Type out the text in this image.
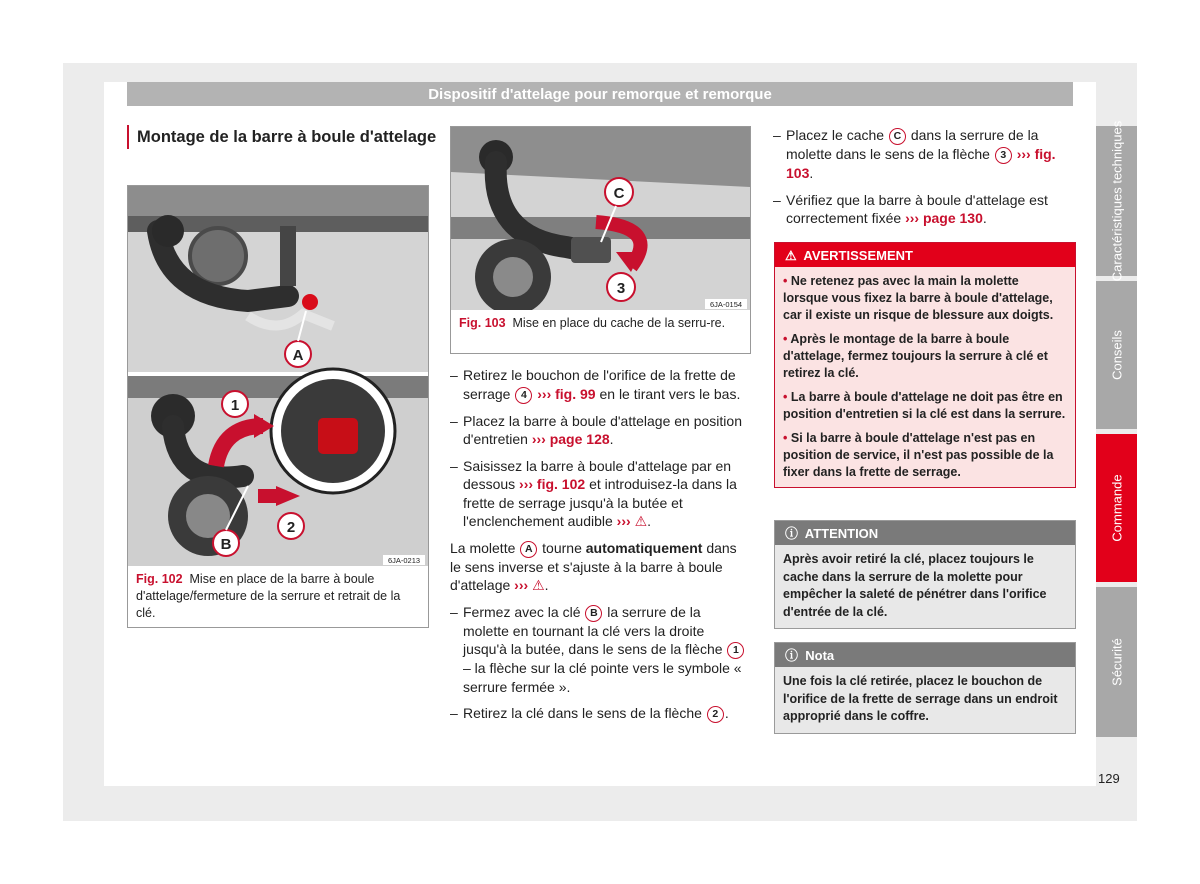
Dispositif d'attelage pour remorque et remorque
Montage de la barre à boule d'attelage
A
1
2
B
6JA-0213
Fig. 102 Mise en place de la barre à boule d'attelage/fermeture de la serrure et retrait de la clé.
C
3
6JA-0154
Fig. 103 Mise en place du cache de la serru-re.
– Retirez le bouchon de l'orifice de la frette de serrage 4 ››› fig. 99 en le tirant vers le bas.
– Placez la barre à boule d'attelage en position d'entretien ››› page 128.
– Saisissez la barre à boule d'attelage par en dessous ››› fig. 102 et introduisez-la dans la frette de serrage jusqu'à la butée et l'enclenchement audible ››› ⚠.

La molette A tourne automatiquement dans le sens inverse et s'ajuste à la barre à boule d'attelage ››› ⚠.

– Fermez avec la clé B la serrure de la molette en tournant la clé vers la droite jusqu'à la butée, dans le sens de la flèche 1 – la flèche sur la clé pointe vers le symbole « serrure fermée ».
– Retirez la clé dans le sens de la flèche 2 .
– Placez le cache C dans la serrure de la molette dans le sens de la flèche 3 ››› fig. 103.
– Vérifiez que la barre à boule d'attelage est correctement fixée ››› page 130.
⚠ AVERTISSEMENT

• Ne retenez pas avec la main la molette lorsque vous fixez la barre à boule d'attelage, car il existe un risque de blessure aux doigts.

• Après le montage de la barre à boule d'attelage, fermez toujours la serrure à clé et retirez la clé.

• La barre à boule d'attelage ne doit pas être en position d'entretien si la clé est dans la serrure.

• Si la barre à boule d'attelage n'est pas en position de service, il n'est pas possible de la fixer dans la frette de serrage.

ⓘ ATTENTION
Après avoir retiré la clé, placez toujours le cache dans la serrure de la molette pour empêcher la saleté de pénétrer dans l'orifice d'entrée de la clé.
ⓘ Nota
Une fois la clé retirée, placez le bouchon de l'orifice de la frette de serrage dans un endroit approprié dans le coffre.
Caractéristiques techniques
Conseils
Commande
Sécurité
129
